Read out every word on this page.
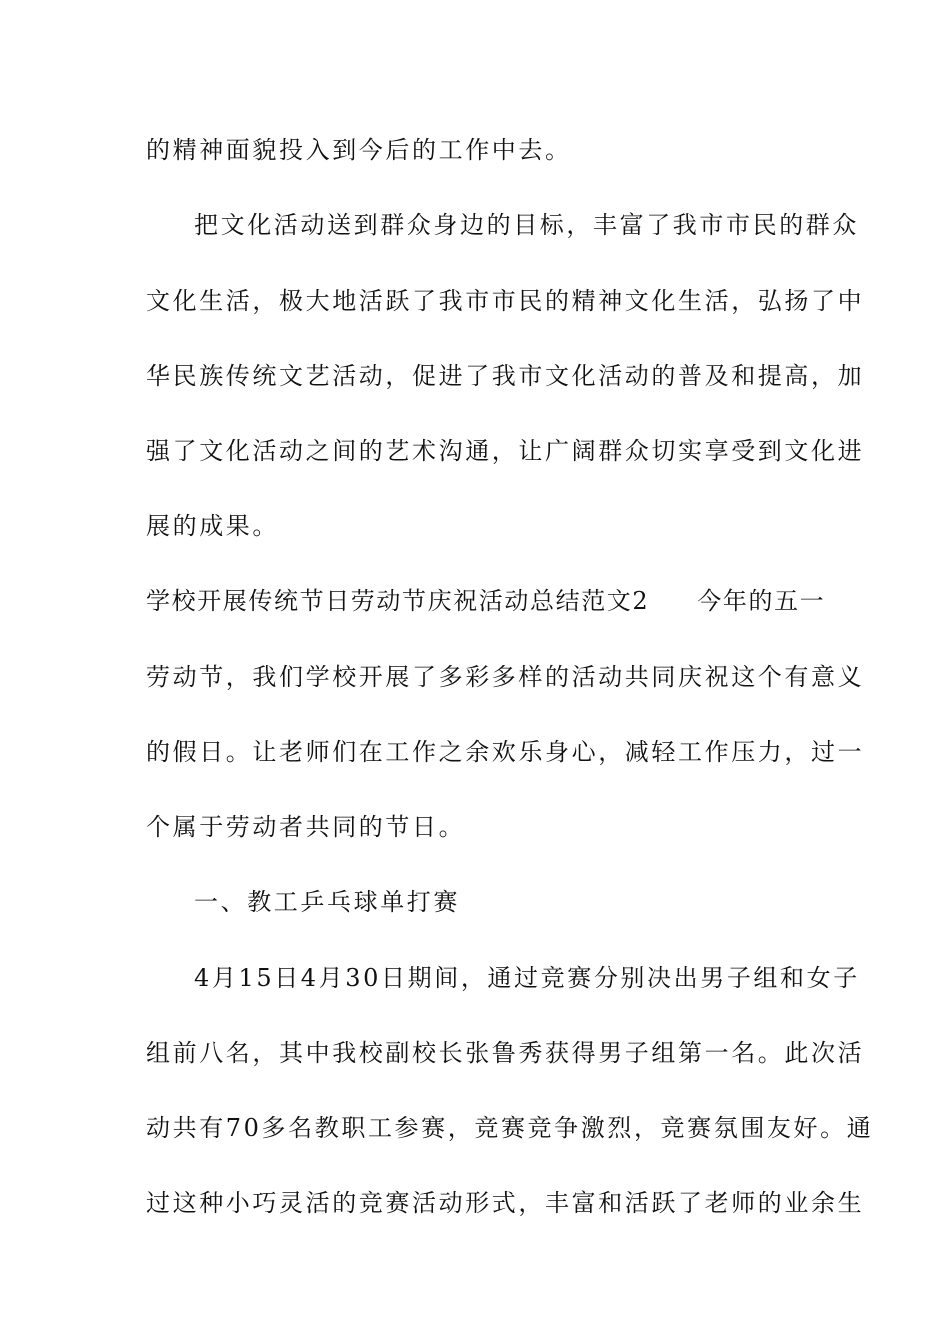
的精神面貌投入到今后的工作中去。
把文化活动送到群众身边的目标，丰富了我市市民的群众
文化生活，极大地活跃了我市市民的精神文化生活，弘扬了中
华民族传统文艺活动，促进了我市文化活动的普及和提高，加
强了文化活动之间的艺术沟通，让广阔群众切实享受到文化进
展的成果。
学校开展传统节日劳动节庆祝活动总结范文2 今年的五一
劳动节，我们学校开展了多彩多样的活动共同庆祝这个有意义
的假日。让老师们在工作之余欢乐身心，减轻工作压力，过一
个属于劳动者共同的节日。
一、教工乒乓球单打赛
4月15日4月30日期间，通过竞赛分别决出男子组和女子
组前八名，其中我校副校长张鲁秀获得男子组第一名。此次活
动共有70多名教职工参赛，竞赛竞争激烈，竞赛氛围友好。通
过这种小巧灵活的竞赛活动形式，丰富和活跃了老师的业余生
